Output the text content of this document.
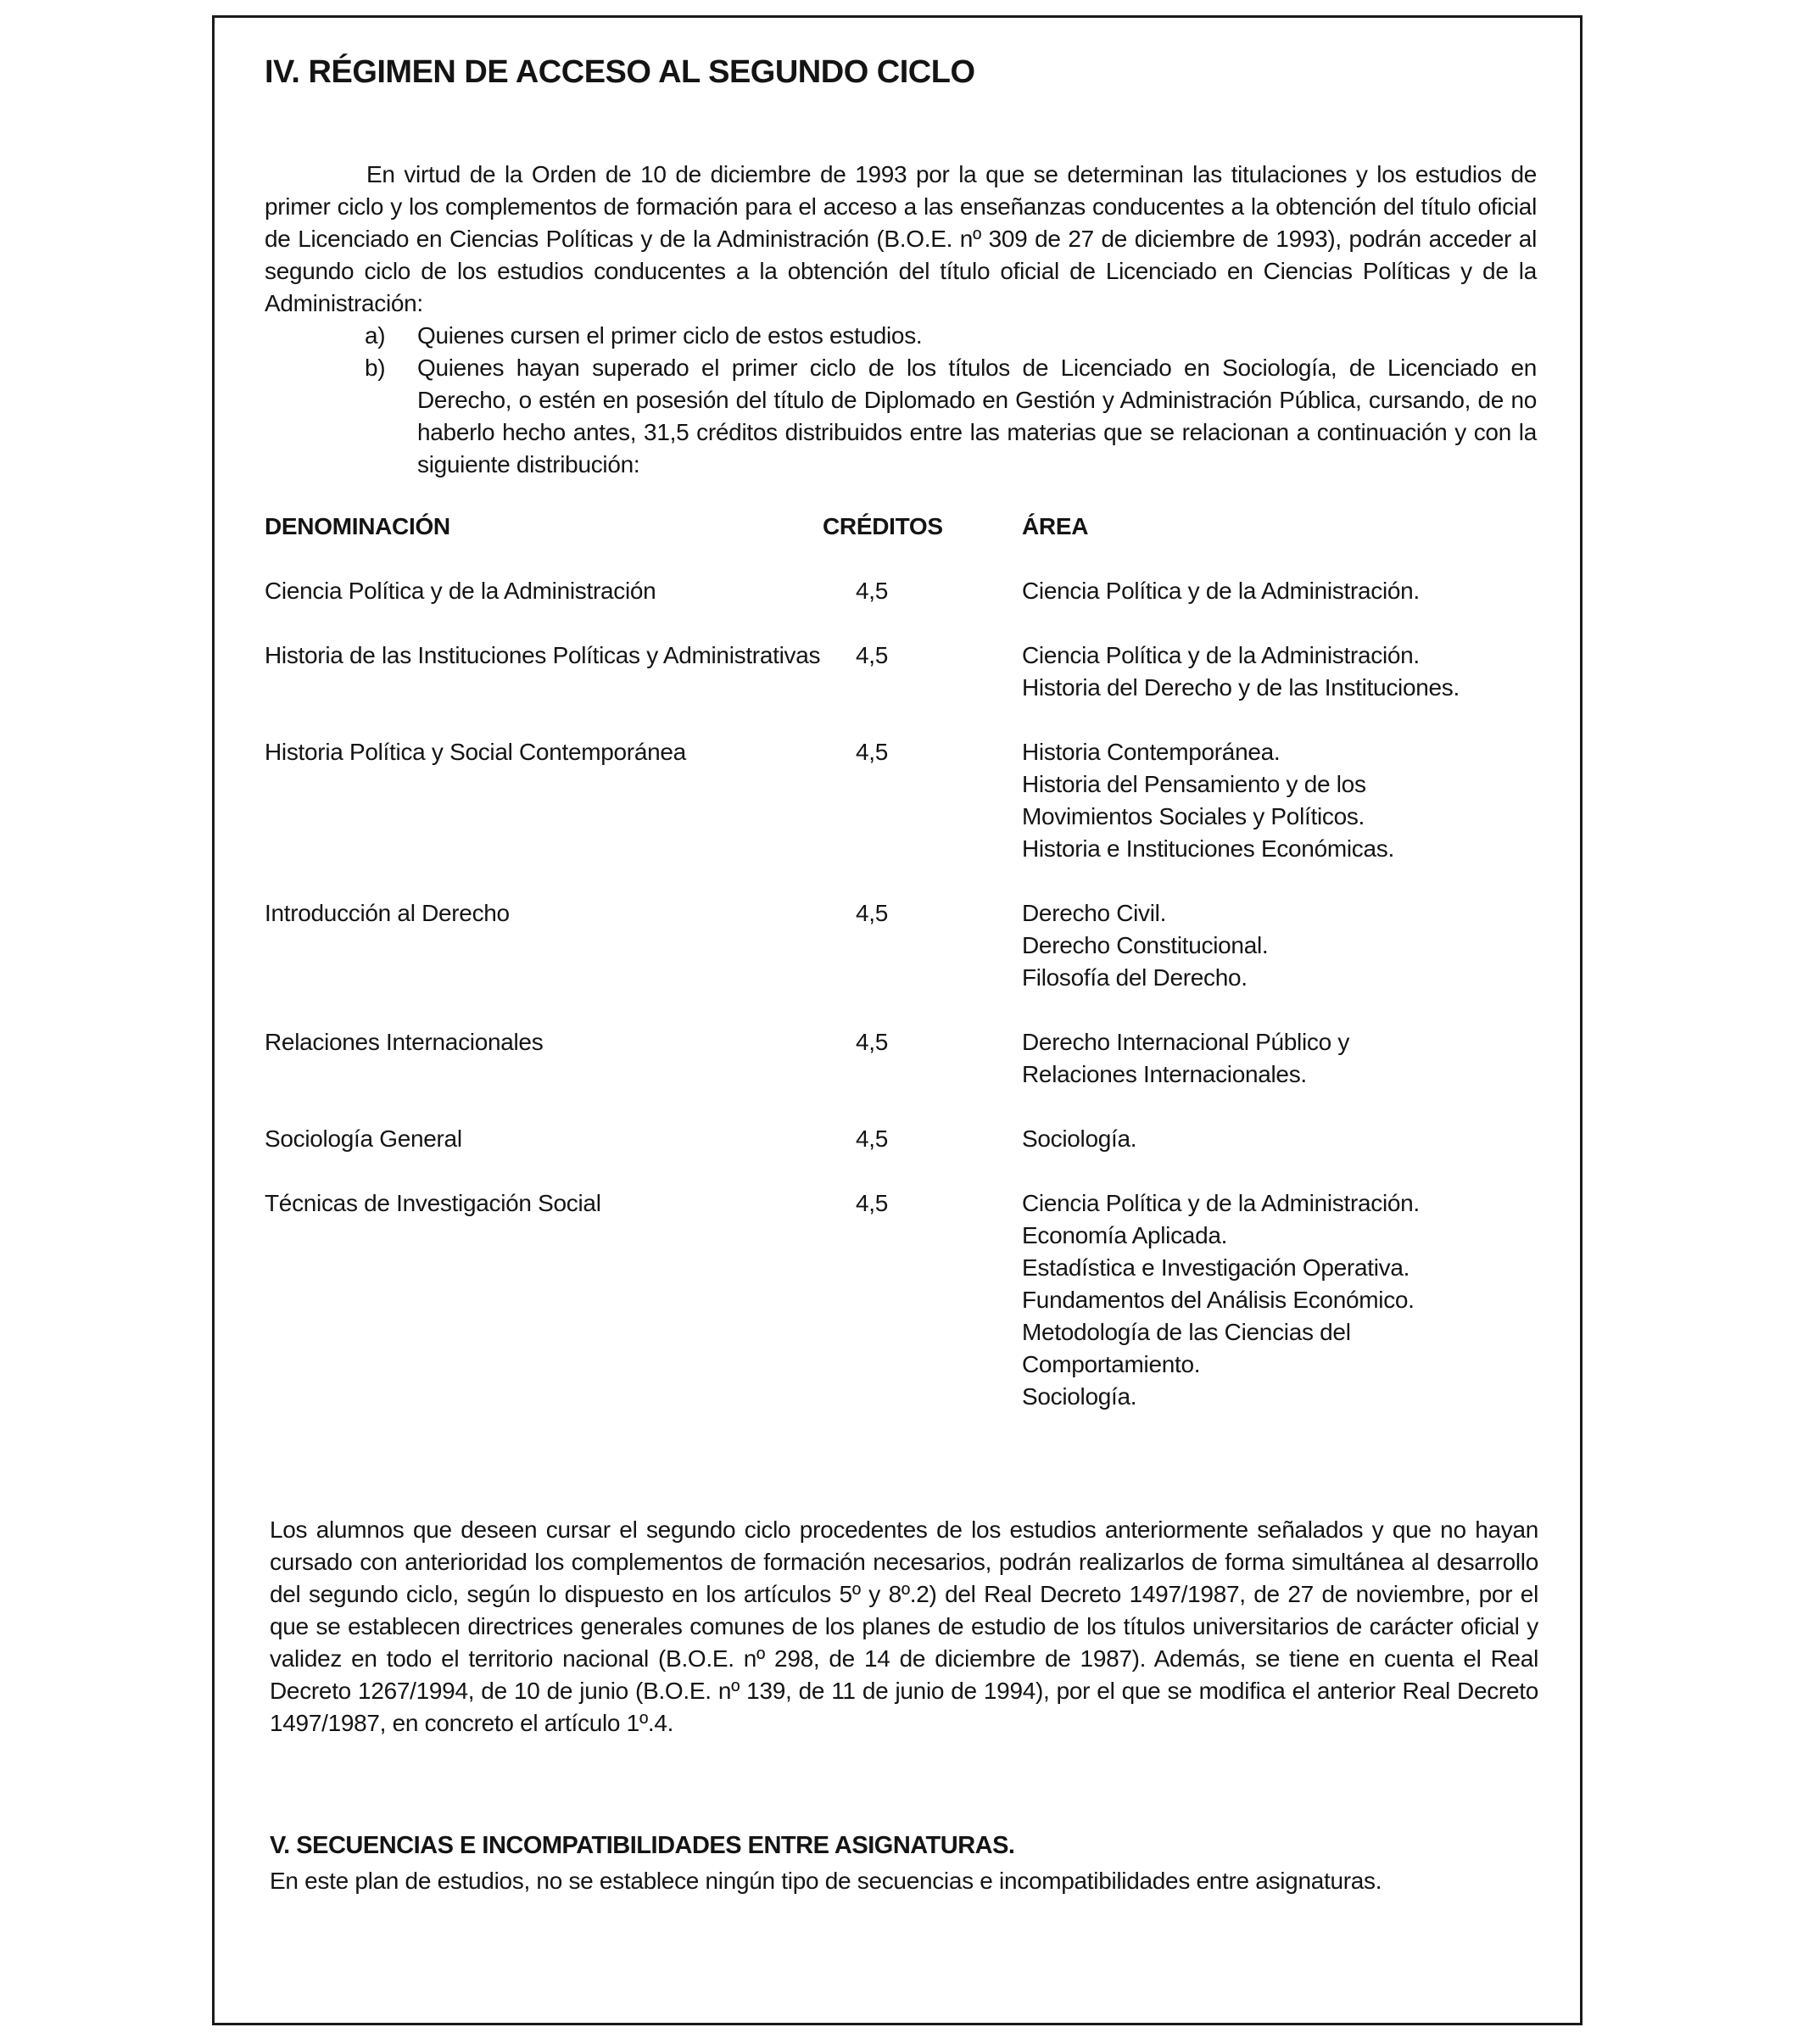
IV. RÉGIMEN DE ACCESO AL SEGUNDO CICLO
En virtud de la Orden de 10 de diciembre de 1993 por la que se determinan las titulaciones y los estudios de primer ciclo y los complementos de formación para el acceso a las enseñanzas conducentes a la obtención del título oficial de Licenciado en Ciencias Políticas y de la Administración (B.O.E. nº 309 de 27 de diciembre de 1993), podrán acceder al segundo ciclo de los estudios conducentes a la obtención del título oficial de Licenciado en Ciencias Políticas y de la Administración:
a)	Quienes cursen el primer ciclo de estos estudios.
b)	Quienes hayan superado el primer ciclo de los títulos de Licenciado en Sociología, de Licenciado en Derecho, o estén en posesión del título de Diplomado en Gestión y Administración Pública, cursando, de no haberlo hecho antes, 31,5 créditos distribuidos entre las materias que se relacionan a continuación y con la siguiente distribución:
DENOMINACIÓN	CRÉDITOS	ÁREA
Ciencia Política y de la Administración	4,5	Ciencia Política y de la Administración.
Historia de las Instituciones Políticas y Administrativas	4,5	Ciencia Política y de la Administración.
Historia del Derecho y de las Instituciones.
Historia Política y Social Contemporánea	4,5	Historia Contemporánea.
Historia del Pensamiento y de los
Movimientos Sociales y Políticos.
Historia e Instituciones Económicas.
Introducción al Derecho	4,5	Derecho Civil.
Derecho Constitucional.
Filosofía del Derecho.
Relaciones Internacionales	4,5	Derecho Internacional Público y
Relaciones Internacionales.
Sociología General	4,5	Sociología.
Técnicas de Investigación Social	4,5	Ciencia Política y de la Administración.
Economía Aplicada.
Estadística e Investigación Operativa.
Fundamentos del Análisis Económico.
Metodología de las Ciencias del
Comportamiento.
Sociología.
Los alumnos que deseen cursar el segundo ciclo procedentes de los estudios anteriormente señalados y que no hayan cursado con anterioridad los complementos de formación necesarios, podrán realizarlos de forma simultánea al desarrollo del segundo ciclo, según lo dispuesto en los artículos 5º y 8º.2) del Real Decreto 1497/1987, de 27 de noviembre, por el que se establecen directrices generales comunes de los planes de estudio de los títulos universitarios de carácter oficial y validez en todo el territorio nacional (B.O.E. nº 298, de 14 de diciembre de 1987). Además, se tiene en cuenta el Real Decreto 1267/1994, de 10 de junio (B.O.E. nº 139, de 11 de junio de 1994), por el que se modifica el anterior Real Decreto 1497/1987, en concreto el artículo 1º.4.
V. SECUENCIAS E INCOMPATIBILIDADES ENTRE ASIGNATURAS.
En este plan de estudios, no se establece ningún tipo de secuencias e incompatibilidades entre asignaturas.
